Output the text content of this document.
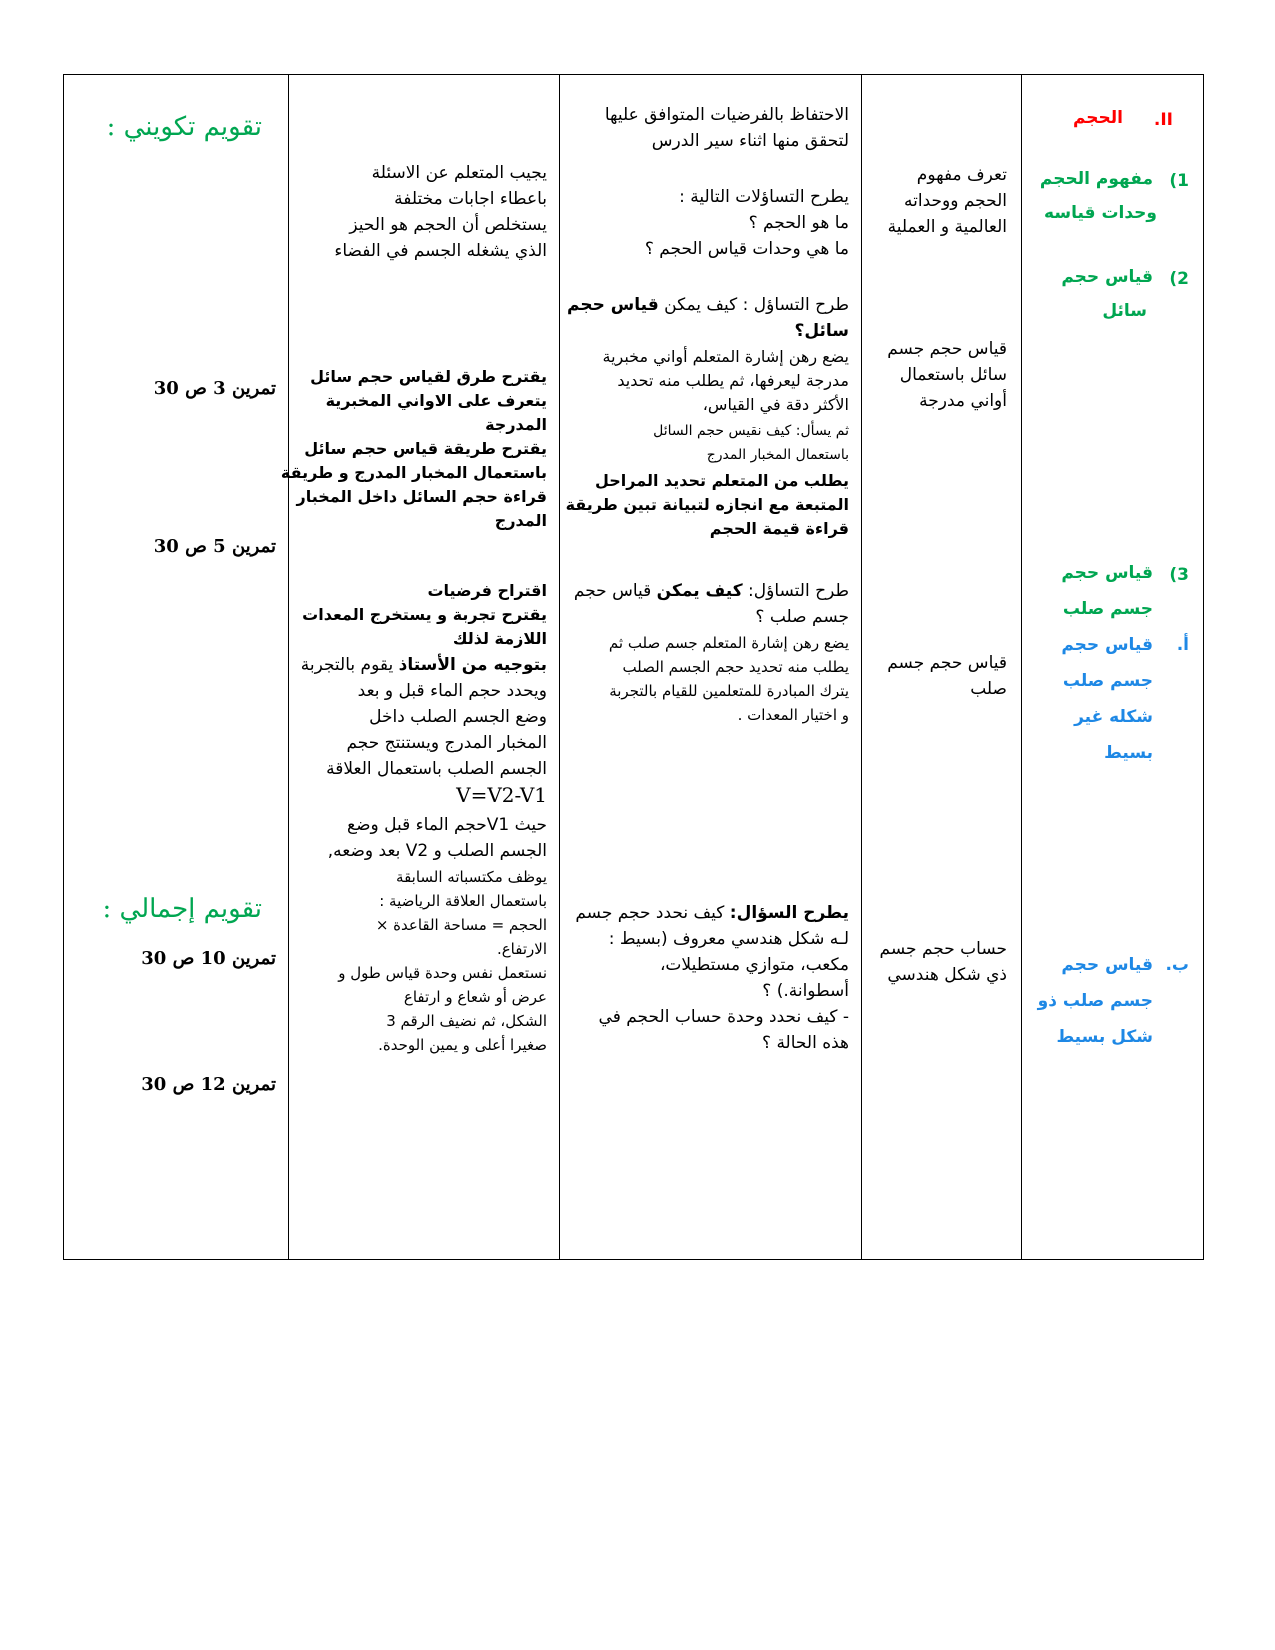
II.
الحجم
1)
مفهوم الحجم
وحدات قياسه
2)
قياس حجم
سائل
3)
قياس حجم
جسم صلب
أ.
قياس حجم
جسم صلب
شكله غير
بسيط
ب.
قياس حجم
جسم صلب ذو
شكل بسيط
تعرف مفهوم
الحجم ووحداته
العالمية و العملية
قياس حجم جسم
سائل باستعمال
أواني مدرجة
قياس حجم جسم
صلب
حساب حجم جسم
ذي شكل هندسي
الاحتفاظ بالفرضيات المتوافق عليها
لتحقق منها اثناء سير الدرس
يطرح التساؤلات التالية :
ما هو الحجم ؟
ما هي وحدات قياس الحجم ؟
طرح التساؤل : كيف يمكن قياس حجم
سائل؟
يضع رهن إشارة المتعلم أواني مخبرية
مدرجة ليعرفها، ثم يطلب منه تحديد
الأكثر دقة في القياس،
ثم يسأل: كيف نقيس حجم السائل
باستعمال المخبار المدرج
يطلب من المتعلم تحديد المراحل
المتبعة مع انجازه لتبيانة تبين طريقة
قراءة قيمة الحجم
طرح التساؤل: كيف يمكن قياس حجم
جسم صلب ؟
يضع رهن إشارة المتعلم جسم صلب ثم
يطلب منه تحديد حجم الجسم الصلب
يترك المبادرة للمتعلمين للقيام بالتجربة
و اختيار المعدات .
يطرح السؤال: كيف نحدد حجم جسم
لـه شكل هندسي معروف (بسيط :
مكعب، متوازي مستطيلات،
أسطوانة.) ؟
- كيف نحدد وحدة حساب الحجم في
هذه الحالة ؟
يجيب المتعلم عن الاسئلة
باعطاء اجابات مختلفة
يستخلص أن الحجم هو الحيز
الذي يشغله الجسم في الفضاء
يقترح طرق لقياس حجم سائل
يتعرف على الاواني المخبرية
المدرجة
يقترح طريقة قياس حجم سائل
باستعمال المخبار المدرج و طريقة
قراءة حجم السائل داخل المخبار
المدرج
اقتراح فرضيات
يقترح تجربة و يستخرج المعدات
اللازمة لذلك
بتوجيه من الأستاذ يقوم بالتجربة
ويحدد حجم الماء قبل و بعد
وضع الجسم الصلب داخل
المخبار المدرج ويستنتج حجم
الجسم الصلب باستعمال العلاقة
V=V2-V1
حيث V1حجم الماء قبل وضع
الجسم الصلب و V2 بعد وضعه,
يوظف مكتسباته السابقة
باستعمال العلاقة الرياضية :
الحجم = مساحة القاعدة ×
الارتفاع.
نستعمل نفس وحدة قياس طول و
عرض أو شعاع و ارتفاع
الشكل، ثم نضيف الرقم 3
صغيرا أعلى و يمين الوحدة.
تقويم تكويني :
تمرين 3 ص 30
تمرين 5 ص 30
تقويم إجمالي :
تمرين 10 ص 30
تمرين 12 ص 30
